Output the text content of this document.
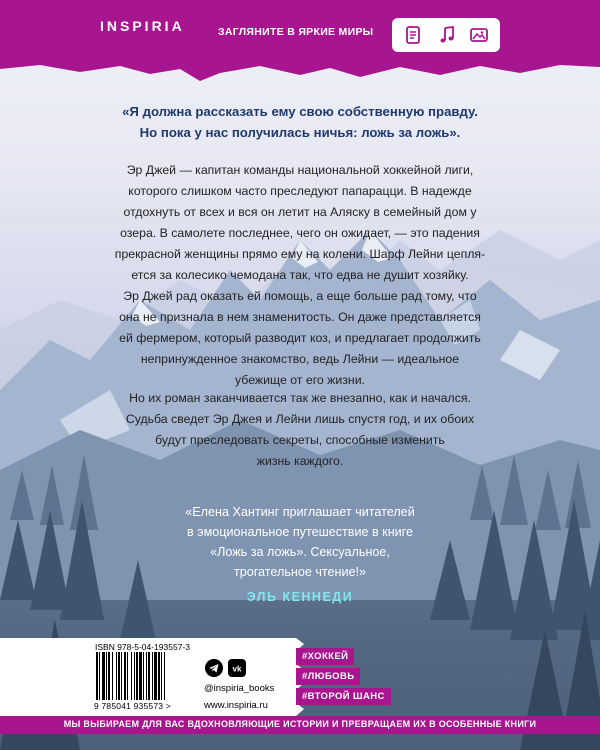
INSPIRIA	ЗАГЛЯНИТЕ В ЯРКИЕ МИРЫ
«Я должна рассказать ему свою собственную правду.
Но пока у нас получилась ничья: ложь за ложь».
Эр Джей — капитан команды национальной хоккейной лиги,
которого слишком часто преследуют папарацци. В надежде
отдохнуть от всех и вся он летит на Аляску в семейный дом у
озера. В самолете последнее, чего он ожидает, — это падения
прекрасной женщины прямо ему на колени. Шарф Лейни цепля-
ется за колесико чемодана так, что едва не душит хозяйку.
Эр Джей рад оказать ей помощь, а еще больше рад тому, что
она не признала в нем знаменитость. Он даже представляется
ей фермером, который разводит коз, и предлагает продолжить
непринужденное знакомство, ведь Лейни — идеальное
убежище от его жизни.
Но их роман заканчивается так же внезапно, как и начался.
Судьба сведет Эр Джея и Лейни лишь спустя год, и их обоих
будут преследовать секреты, способные изменить
жизнь каждого.
«Елена Хантинг приглашает читателей
в эмоциональное путешествие в книге
«Ложь за ложь». Сексуальное,
трогательное чтение!»
ЭЛЬ КЕННЕДИ
ISBN 978-5-04-193557-3
9 785041 935573 >
vk
@inspiria_books
www.inspiria.ru
#ХОККЕЙ
#ЛЮБОВЬ
#ВТОРОЙ ШАНС
МЫ ВЫБИРАЕМ ДЛЯ ВАС ВДОХНОВЛЯЮЩИЕ ИСТОРИИ И ПРЕВРАЩАЕМ ИХ В ОСОБЕННЫЕ КНИГИ
